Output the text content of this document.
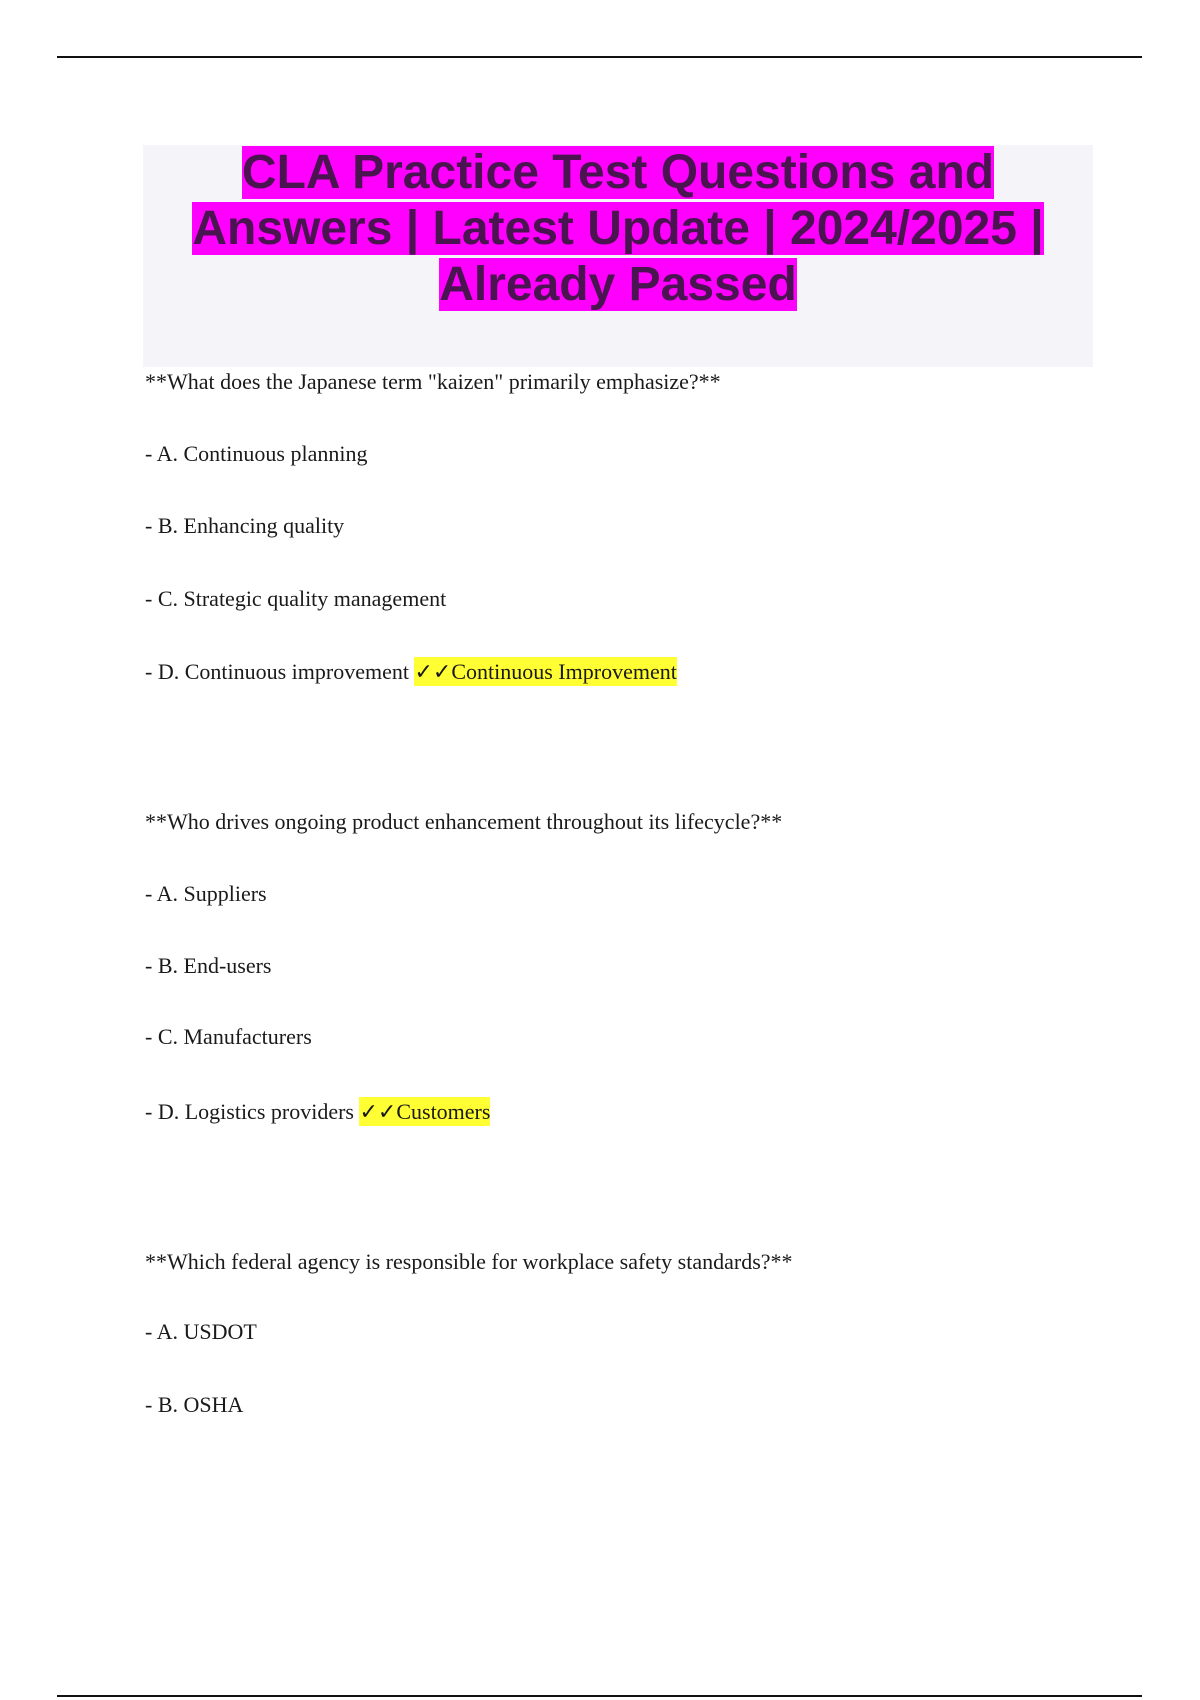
CLA Practice Test Questions and Answers | Latest Update | 2024/2025 | Already Passed
**What does the Japanese term "kaizen" primarily emphasize?**
- A. Continuous planning
- B. Enhancing quality
- C. Strategic quality management
- D. Continuous improvement ✓✓Continuous Improvement
**Who drives ongoing product enhancement throughout its lifecycle?**
- A. Suppliers
- B. End-users
- C. Manufacturers
- D. Logistics providers ✓✓Customers
**Which federal agency is responsible for workplace safety standards?**
- A. USDOT
- B. OSHA
